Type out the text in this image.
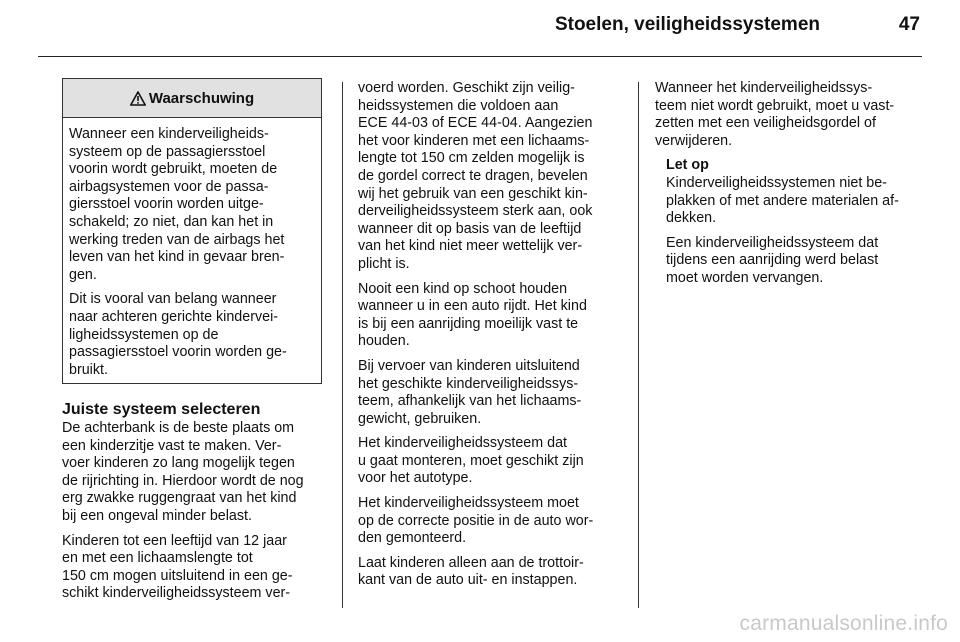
Stoelen, veiligheidssystemen	47
Waarschuwing

Wanneer een kinderveiligheids-
systeem op de passagiersstoel
voorin wordt gebruikt, moeten de
airbagsystemen voor de passa-
giersstoel voorin worden uitge-
schakeld; zo niet, dan kan het in
werking treden van de airbags het
leven van het kind in gevaar bren-
gen.

Dit is vooral van belang wanneer
naar achteren gerichte kindervei-
ligheidssystemen op de
passagiersstoel voorin worden ge-
bruikt.

Juiste systeem selecteren

De achterbank is de beste plaats om
een kinderzitje vast te maken. Ver-
voer kinderen zo lang mogelijk tegen
de rijrichting in. Hierdoor wordt de nog
erg zwakke ruggengraat van het kind
bij een ongeval minder belast.

Kinderen tot een leeftijd van 12 jaar
en met een lichaamslengte tot
150 cm mogen uitsluitend in een ge-
schikt kinderveiligheidssysteem ver-

voerd worden. Geschikt zijn veilig-
heidssystemen die voldoen aan
ECE 44-03 of ECE 44-04. Aangezien
het voor kinderen met een lichaams-
lengte tot 150 cm zelden mogelijk is
de gordel correct te dragen, bevelen
wij het gebruik van een geschikt kin-
derveiligheidssysteem sterk aan, ook
wanneer dit op basis van de leeftijd
van het kind niet meer wettelijk ver-
plicht is.

Nooit een kind op schoot houden
wanneer u in een auto rijdt. Het kind
is bij een aanrijding moeilijk vast te
houden.

Bij vervoer van kinderen uitsluitend
het geschikte kinderveiligheidssys-
teem, afhankelijk van het lichaams-
gewicht, gebruiken.

Het kinderveiligheidssysteem dat
u gaat monteren, moet geschikt zijn
voor het autotype.

Het kinderveiligheidssysteem moet
op de correcte positie in de auto wor-
den gemonteerd.

Laat kinderen alleen aan de trottoir-
kant van de auto uit- en instappen.

Wanneer het kinderveiligheidssys-
teem niet wordt gebruikt, moet u vast-
zetten met een veiligheidsgordel of
verwijderen.

Let op

Kinderveiligheidssystemen niet be-
plakken of met andere materialen af-
dekken.

Een kinderveiligheidssysteem dat
tijdens een aanrijding werd belast
moet worden vervangen.

carmanualsonline.info
